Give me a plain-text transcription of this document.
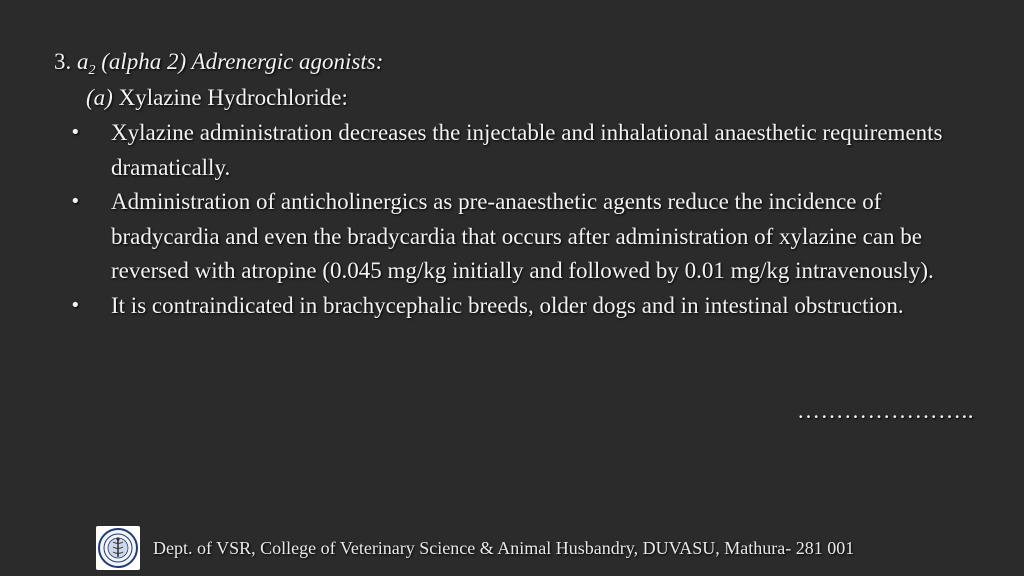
3. $a_2$ (alpha 2) Adrenergic agonists:
(a) Xylazine Hydrochloride:
• Xylazine administration decreases the injectable and inhalational anaesthetic requirements dramatically.
• Administration of anticholinergics as pre-anaesthetic agents reduce the incidence of bradycardia and even the bradycardia that occurs after administration of xylazine can be reversed with atropine (0.045 mg/kg initially and followed by 0.01 mg/kg intravenously).
• It is contraindicated in brachycephalic breeds, older dogs and in intestinal obstruction.
…………………..
Dept. of VSR, College of Veterinary Science & Animal Husbandry, DUVASU, Mathura- 281 001
